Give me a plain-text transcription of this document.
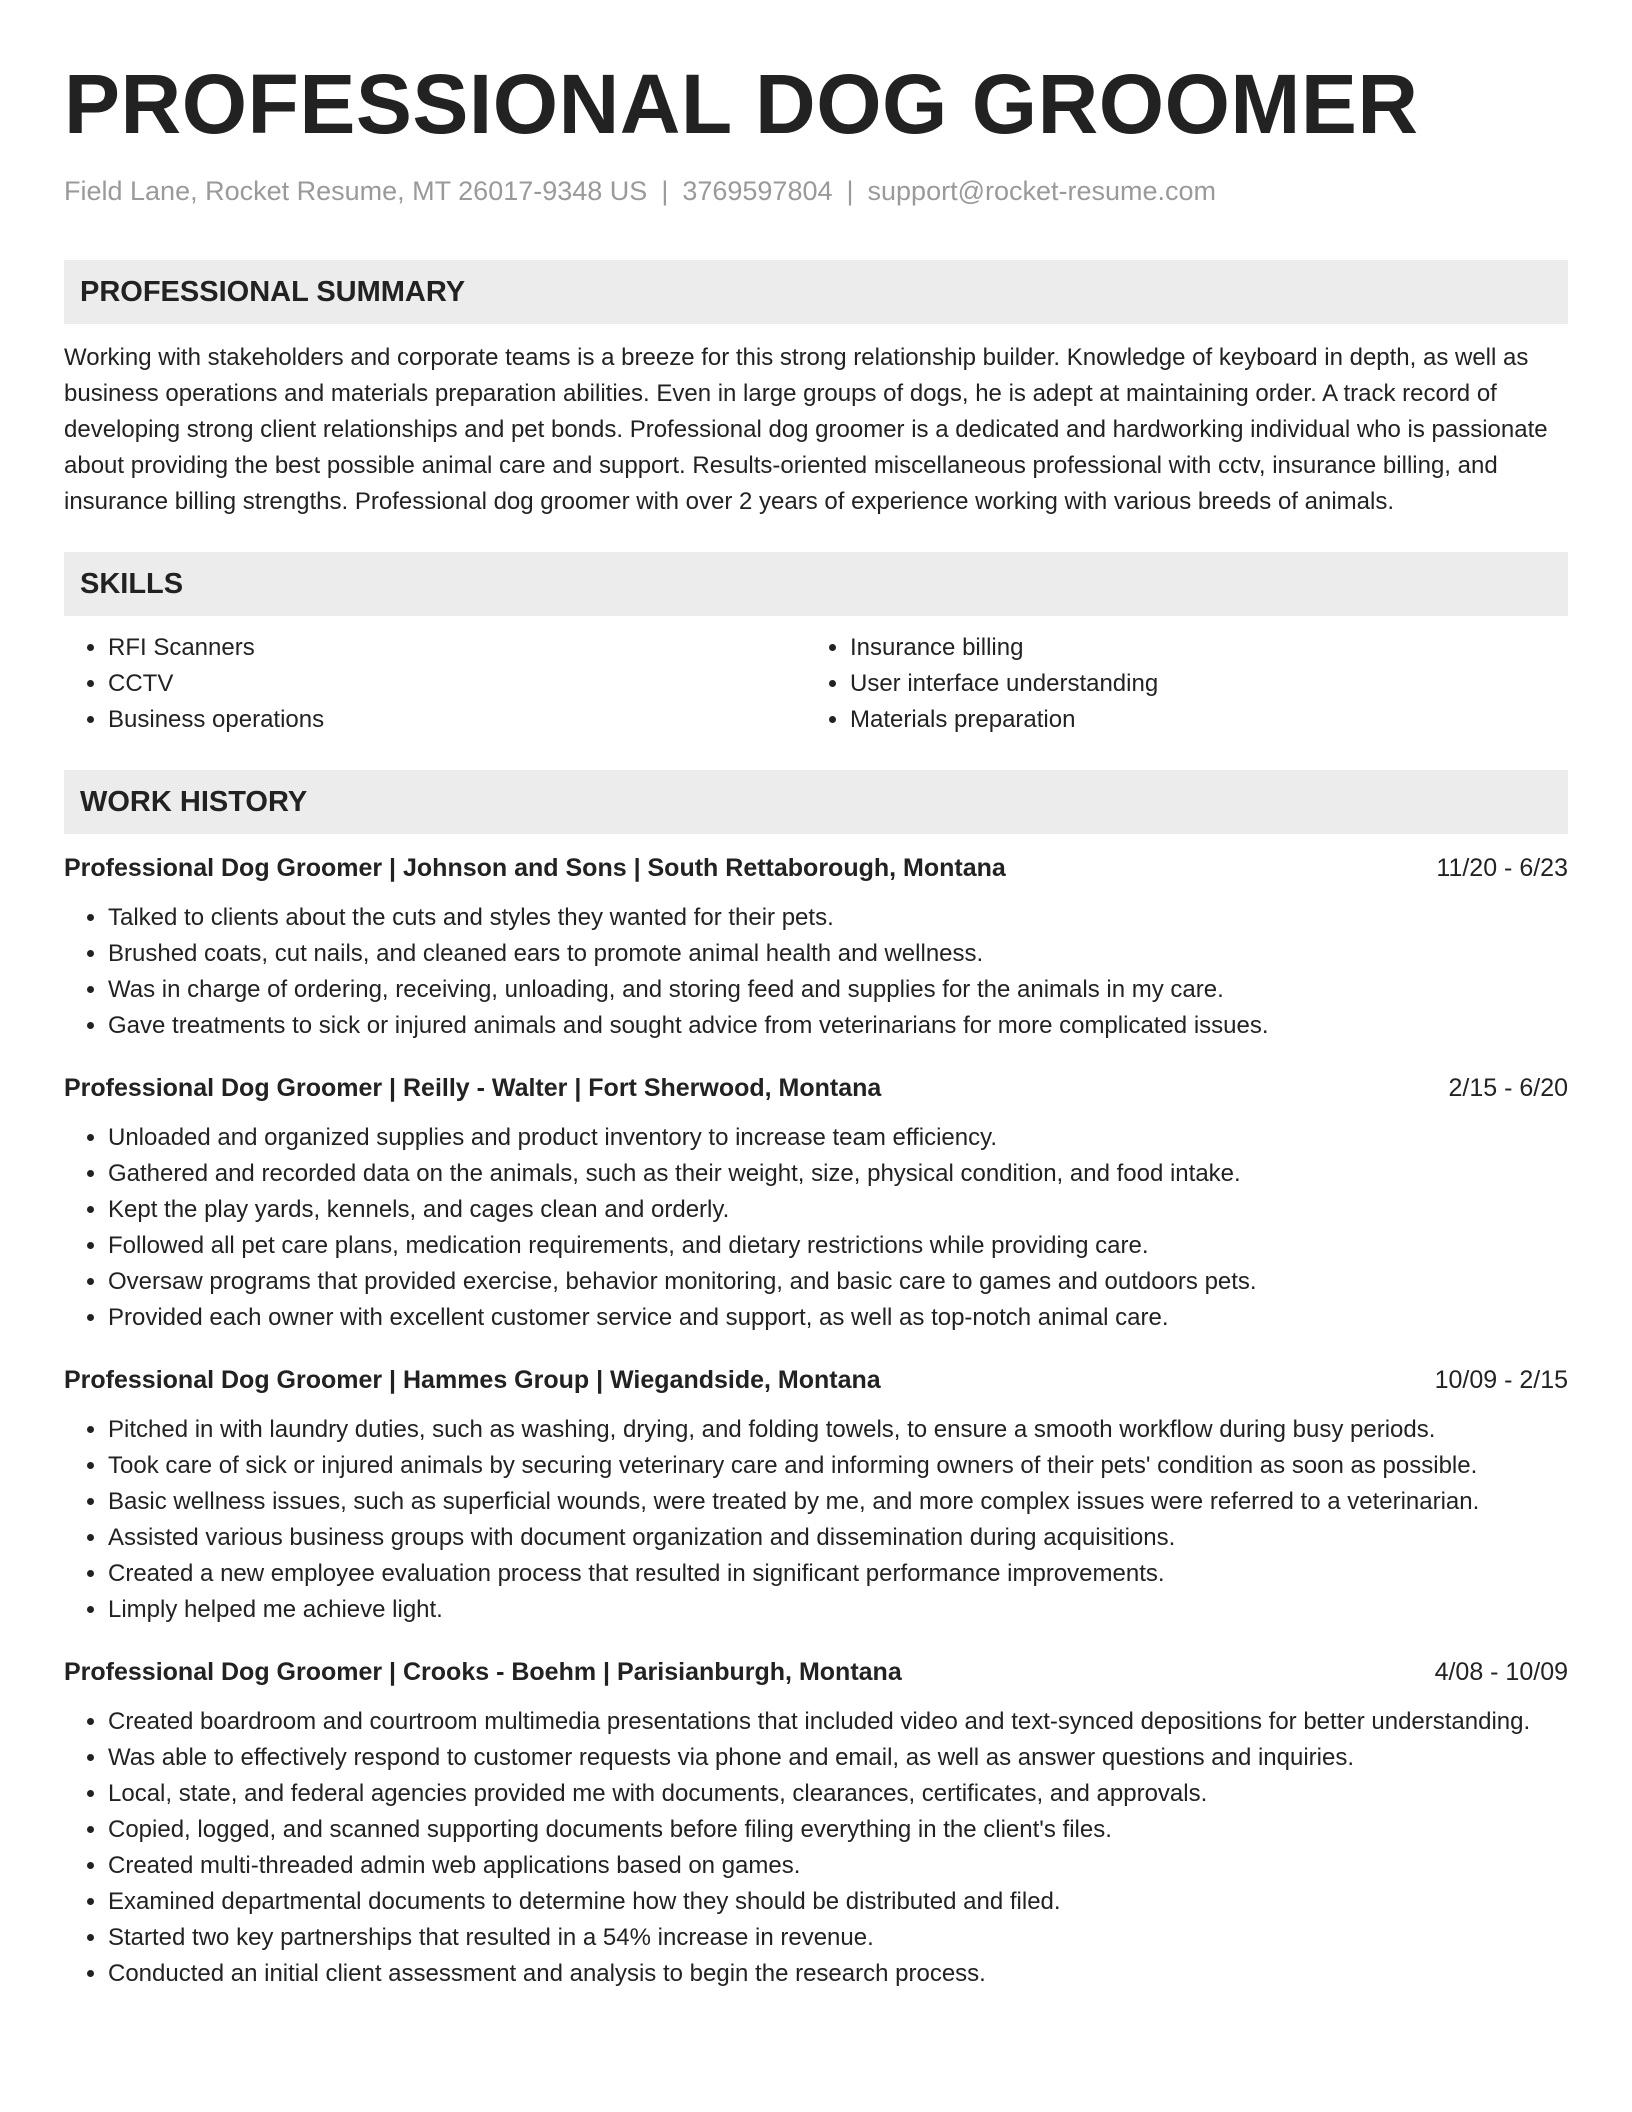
PROFESSIONAL DOG GROOMER
Field Lane, Rocket Resume, MT 26017-9348 US | 3769597804 | support@rocket-resume.com
PROFESSIONAL SUMMARY
Working with stakeholders and corporate teams is a breeze for this strong relationship builder. Knowledge of keyboard in depth, as well as business operations and materials preparation abilities. Even in large groups of dogs, he is adept at maintaining order. A track record of developing strong client relationships and pet bonds. Professional dog groomer is a dedicated and hardworking individual who is passionate about providing the best possible animal care and support. Results-oriented miscellaneous professional with cctv, insurance billing, and insurance billing strengths. Professional dog groomer with over 2 years of experience working with various breeds of animals.
SKILLS
• RFI Scanners
• CCTV
• Business operations
• Insurance billing
• User interface understanding
• Materials preparation
WORK HISTORY
Professional Dog Groomer | Johnson and Sons | South Rettaborough, Montana	11/20 - 6/23
• Talked to clients about the cuts and styles they wanted for their pets.
• Brushed coats, cut nails, and cleaned ears to promote animal health and wellness.
• Was in charge of ordering, receiving, unloading, and storing feed and supplies for the animals in my care.
• Gave treatments to sick or injured animals and sought advice from veterinarians for more complicated issues.
Professional Dog Groomer | Reilly - Walter | Fort Sherwood, Montana	2/15 - 6/20
• Unloaded and organized supplies and product inventory to increase team efficiency.
• Gathered and recorded data on the animals, such as their weight, size, physical condition, and food intake.
• Kept the play yards, kennels, and cages clean and orderly.
• Followed all pet care plans, medication requirements, and dietary restrictions while providing care.
• Oversaw programs that provided exercise, behavior monitoring, and basic care to games and outdoors pets.
• Provided each owner with excellent customer service and support, as well as top-notch animal care.
Professional Dog Groomer | Hammes Group | Wiegandside, Montana	10/09 - 2/15
• Pitched in with laundry duties, such as washing, drying, and folding towels, to ensure a smooth workflow during busy periods.
• Took care of sick or injured animals by securing veterinary care and informing owners of their pets' condition as soon as possible.
• Basic wellness issues, such as superficial wounds, were treated by me, and more complex issues were referred to a veterinarian.
• Assisted various business groups with document organization and dissemination during acquisitions.
• Created a new employee evaluation process that resulted in significant performance improvements.
• Limply helped me achieve light.
Professional Dog Groomer | Crooks - Boehm | Parisianburgh, Montana	4/08 - 10/09
• Created boardroom and courtroom multimedia presentations that included video and text-synced depositions for better understanding.
• Was able to effectively respond to customer requests via phone and email, as well as answer questions and inquiries.
• Local, state, and federal agencies provided me with documents, clearances, certificates, and approvals.
• Copied, logged, and scanned supporting documents before filing everything in the client's files.
• Created multi-threaded admin web applications based on games.
• Examined departmental documents to determine how they should be distributed and filed.
• Started two key partnerships that resulted in a 54% increase in revenue.
• Conducted an initial client assessment and analysis to begin the research process.
